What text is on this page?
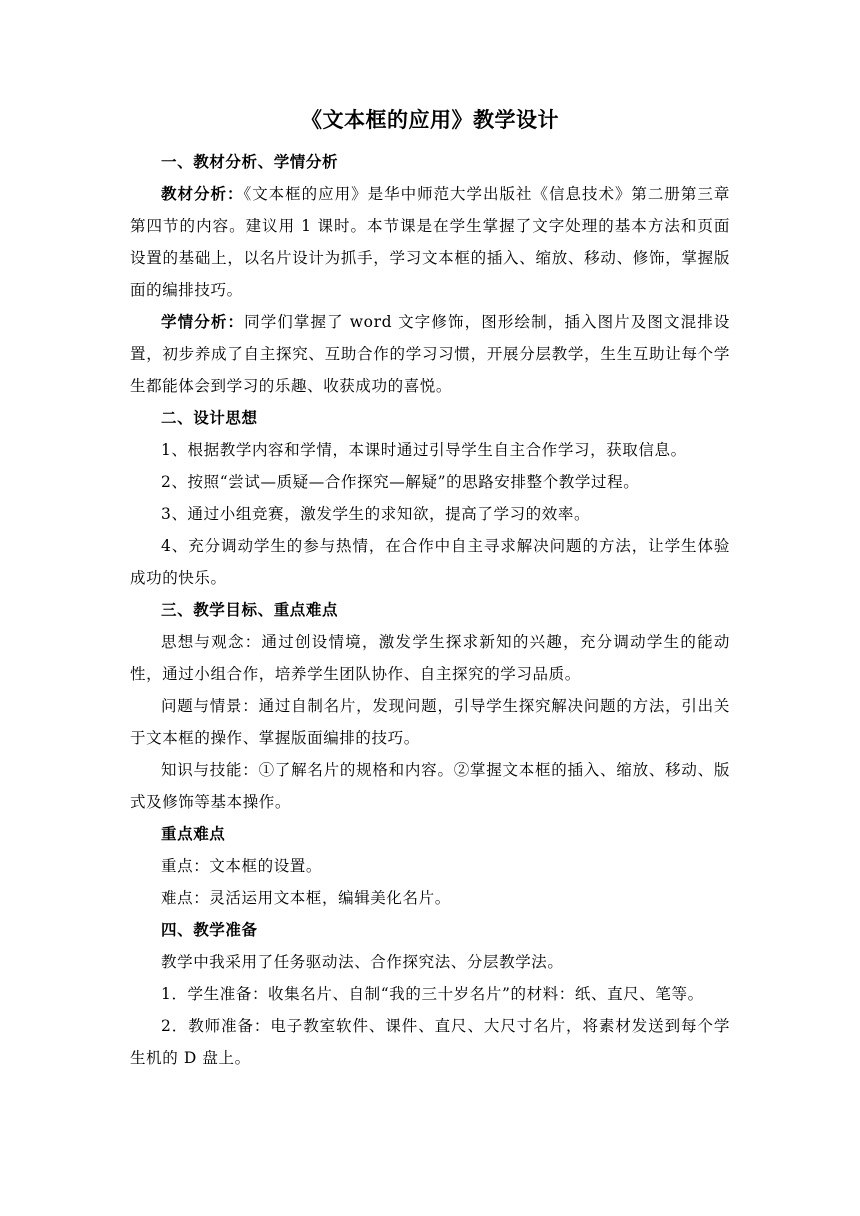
《文本框的应用》教学设计

一、教材分析、学情分析

教材分析：《文本框的应用》是华中师范大学出版社《信息技术》第二册第三章第四节的内容。建议用 1 课时。本节课是在学生掌握了文字处理的基本方法和页面设置的基础上，以名片设计为抓手，学习文本框的插入、缩放、移动、修饰，掌握版面的编排技巧。

学情分析：同学们掌握了 word 文字修饰，图形绘制，插入图片及图文混排设置，初步养成了自主探究、互助合作的学习习惯，开展分层教学，生生互助让每个学生都能体会到学习的乐趣、收获成功的喜悦。

二、设计思想

1、根据教学内容和学情，本课时通过引导学生自主合作学习，获取信息。

2、按照“尝试—质疑—合作探究—解疑”的思路安排整个教学过程。

3、通过小组竞赛，激发学生的求知欲，提高了学习的效率。

4、充分调动学生的参与热情，在合作中自主寻求解决问题的方法，让学生体验成功的快乐。

三、教学目标、重点难点

思想与观念：通过创设情境，激发学生探求新知的兴趣，充分调动学生的能动性，通过小组合作，培养学生团队协作、自主探究的学习品质。

问题与情景：通过自制名片，发现问题，引导学生探究解决问题的方法，引出关于文本框的操作、掌握版面编排的技巧。

知识与技能：①了解名片的规格和内容。②掌握文本框的插入、缩放、移动、版式及修饰等基本操作。

重点难点

重点：文本框的设置。

难点：灵活运用文本框，编辑美化名片。

四、教学准备

教学中我采用了任务驱动法、合作探究法、分层教学法。

1．学生准备：收集名片、自制“我的三十岁名片”的材料：纸、直尺、笔等。

2．教师准备：电子教室软件、课件、直尺、大尺寸名片，将素材发送到每个学生机的 D 盘上。
